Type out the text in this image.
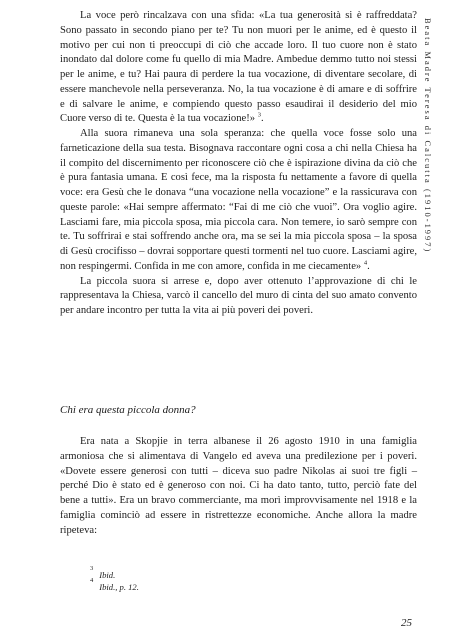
Beata Madre Teresa di Calcutta (1910-1997)

La voce però rincalzava con una sfida: «La tua generosità si è raffreddata? Sono passato in secondo piano per te? Tu non muori per le anime, ed è questo il motivo per cui non ti preoccupi di ciò che accade loro. Il tuo cuore non è stato inondato dal dolore come fu quello di mia Madre. Ambedue demmo tutto noi stessi per le anime, e tu? Hai paura di perdere la tua vocazione, di diventare secolare, di essere manchevole nella perseveranza. No, la tua vocazione è di amare e di soffrire e di salvare le anime, e compiendo questo passo esaudirai il desiderio del mio Cuore verso di te. Questa è la tua vocazione!» $^3$.

Alla suora rimaneva una sola speranza: che quella voce fosse solo una farneticazione della sua testa. Bisognava raccontare ogni cosa a chi nella Chiesa ha il compito del discernimento per riconoscere ciò che è ispirazione divina da ciò che è pura fantasia umana. E così fece, ma la risposta fu nettamente a favore di quella voce: era Gesù che le donava “una vocazione nella vocazione” e la rassicurava con queste parole: «Hai sempre affermato: “Fai di me ciò che vuoi”. Ora voglio agire. Lasciami fare, mia piccola sposa, mia piccola cara. Non temere, io sarò sempre con te. Tu soffrirai e stai soffrendo anche ora, ma se sei la mia piccola sposa – la sposa di Gesù crocifisso – dovrai sopportare questi tormenti nel tuo cuore. Lasciami agire, non respingermi. Confida in me con amore, confida in me ciecamente» $^4$.

La piccola suora si arrese e, dopo aver ottenuto l’approvazione di chi le rappresentava la Chiesa, varcò il cancello del muro di cinta del suo amato convento per andare incontro per tutta la vita ai più poveri dei poveri.

Chi era questa piccola donna?

Era nata a Skopjie in terra albanese il 26 agosto 1910 in una famiglia armoniosa che si alimentava di Vangelo ed aveva una predilezione per i poveri. «Dovete essere generosi con tutti – diceva suo padre Nikolas ai suoi tre figli – perché Dio è stato ed è generoso con noi. Ci ha dato tanto, tutto, perciò fate del bene a tutti». Era un bravo commerciante, ma morì improvvisamente nel 1918 e la famiglia cominciò ad essere in ristrettezze economiche. Anche allora la madre ripeteva:

3
Ibid.
4
Ibid., p. 12.
25
